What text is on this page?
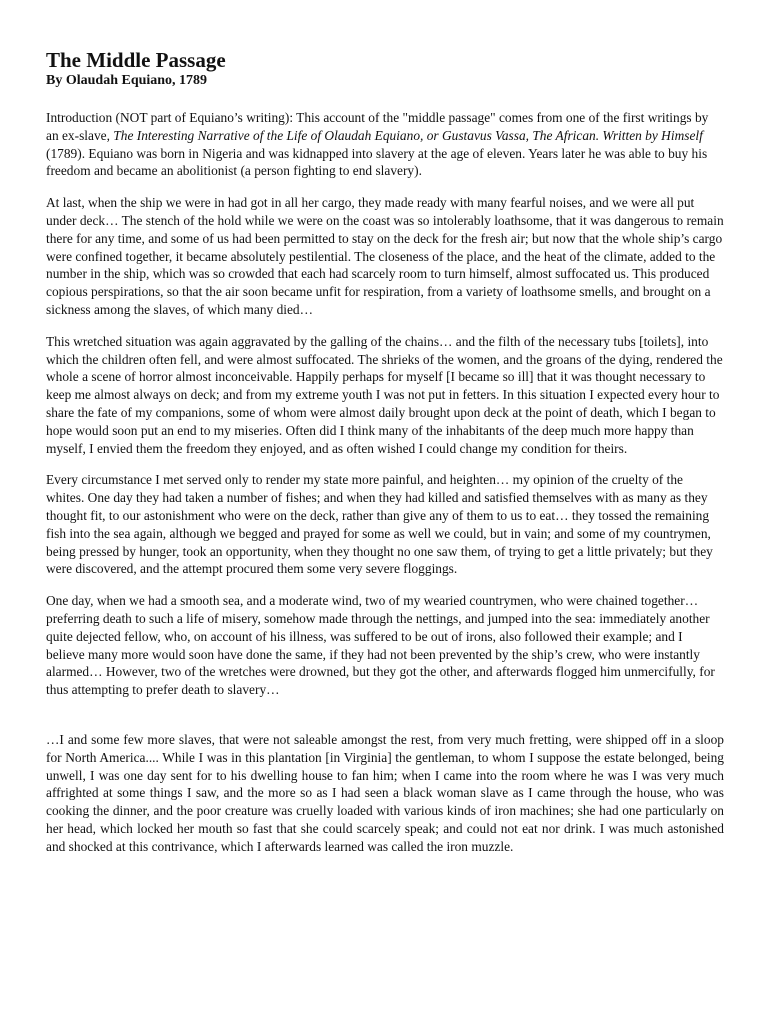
The Middle Passage
By Olaudah Equiano, 1789

Introduction (NOT part of Equiano’s writing): This account of the "middle passage" comes from one of the first writings by an ex-slave, The Interesting Narrative of the Life of Olaudah Equiano, or Gustavus Vassa, The African. Written by Himself (1789). Equiano was born in Nigeria and was kidnapped into slavery at the age of eleven. Years later he was able to buy his freedom and became an abolitionist (a person fighting to end slavery).

At last, when the ship we were in had got in all her cargo, they made ready with many fearful noises, and we were all put under deck… The stench of the hold while we were on the coast was so intolerably loathsome, that it was dangerous to remain there for any time, and some of us had been permitted to stay on the deck for the fresh air; but now that the whole ship’s cargo were confined together, it became absolutely pestilential. The closeness of the place, and the heat of the climate, added to the number in the ship, which was so crowded that each had scarcely room to turn himself, almost suffocated us. This produced copious perspirations, so that the air soon became unfit for respiration, from a variety of loathsome smells, and brought on a sickness among the slaves, of which many died…

This wretched situation was again aggravated by the galling of the chains… and the filth of the necessary tubs [toilets], into which the children often fell, and were almost suffocated. The shrieks of the women, and the groans of the dying, rendered the whole a scene of horror almost inconceivable. Happily perhaps for myself [I became so ill] that it was thought necessary to keep me almost always on deck; and from my extreme youth I was not put in fetters. In this situation I expected every hour to share the fate of my companions, some of whom were almost daily brought upon deck at the point of death, which I began to hope would soon put an end to my miseries. Often did I think many of the inhabitants of the deep much more happy than myself, I envied them the freedom they enjoyed, and as often wished I could change my condition for theirs.

Every circumstance I met served only to render my state more painful, and heighten… my opinion of the cruelty of the whites. One day they had taken a number of fishes; and when they had killed and satisfied themselves with as many as they thought fit, to our astonishment who were on the deck, rather than give any of them to us to eat… they tossed the remaining fish into the sea again, although we begged and prayed for some as well we could, but in vain; and some of my countrymen, being pressed by hunger, took an opportunity, when they thought no one saw them, of trying to get a little privately; but they were discovered, and the attempt procured them some very severe floggings.

One day, when we had a smooth sea, and a moderate wind, two of my wearied countrymen, who were chained together… preferring death to such a life of misery, somehow made through the nettings, and jumped into the sea: immediately another quite dejected fellow, who, on account of his illness, was suffered to be out of irons, also followed their example; and I believe many more would soon have done the same, if they had not been prevented by the ship’s crew, who were instantly alarmed… However, two of the wretches were drowned, but they got the other, and afterwards flogged him unmercifully, for thus attempting to prefer death to slavery…

…I and some few more slaves, that were not saleable amongst the rest, from very much fretting, were shipped off in a sloop for North America.... While I was in this plantation [in Virginia] the gentleman, to whom I suppose the estate belonged, being unwell, I was one day sent for to his dwelling house to fan him; when I came into the room where he was I was very much affrighted at some things I saw, and the more so as I had seen a black woman slave as I came through the house, who was cooking the dinner, and the poor creature was cruelly loaded with various kinds of iron machines; she had one particularly on her head, which locked her mouth so fast that she could scarcely speak; and could not eat nor drink. I was much astonished and shocked at this contrivance, which I afterwards learned was called the iron muzzle.
